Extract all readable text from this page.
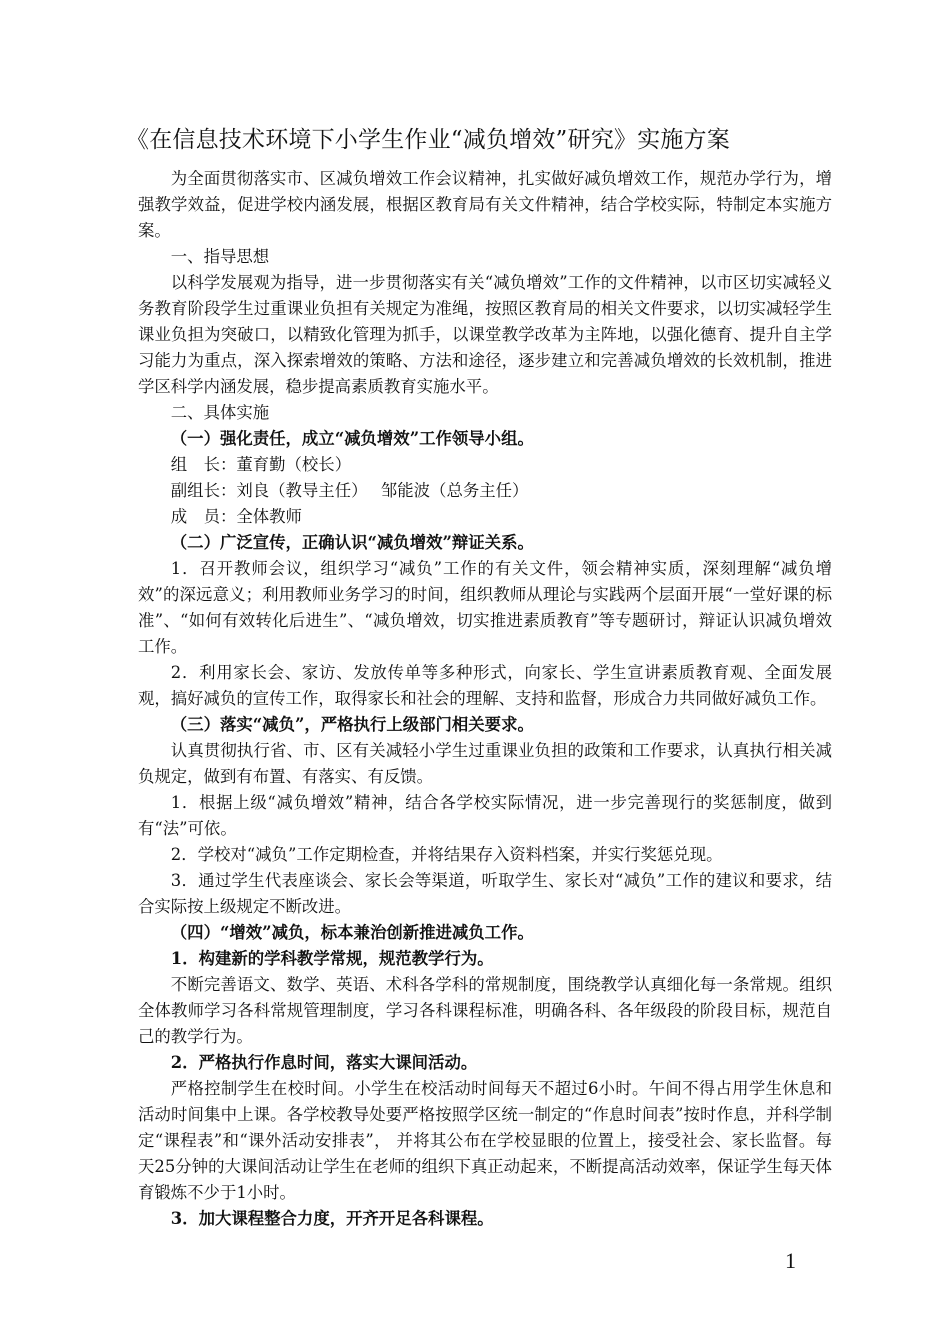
《在信息技术环境下小学生作业“减负增效”研究》实施方案

为全面贯彻落实市、区减负增效工作会议精神，扎实做好减负增效工作，规范办学行为，增强教学效益，促进学校内涵发展，根据区教育局有关文件精神，结合学校实际，特制定本实施方案。

一、指导思想

以科学发展观为指导，进一步贯彻落实有关“减负增效”工作的文件精神，以市区切实减轻义务教育阶段学生过重课业负担有关规定为准绳，按照区教育局的相关文件要求，以切实减轻学生课业负担为突破口，以精致化管理为抓手，以课堂教学改革为主阵地，以强化德育、提升自主学习能力为重点，深入探索增效的策略、方法和途径，逐步建立和完善减负增效的长效机制，推进学区科学内涵发展，稳步提高素质教育实施水平。

二、具体实施

（一）强化责任，成立“减负增效”工作领导小组。

组　长：董育勤（校长）

副组长：刘良（教导主任）　 邹能波（总务主任）

成　员：全体教师

（二）广泛宣传，正确认识“减负增效”辩证关系。

1．召开教师会议，组织学习“减负”工作的有关文件，领会精神实质，深刻理解“减负增效”的深远意义；利用教师业务学习的时间，组织教师从理论与实践两个层面开展“一堂好课的标准”、“如何有效转化后进生”、“减负增效，切实推进素质教育”等专题研讨，辩证认识减负增效工作。

2．利用家长会、家访、发放传单等多种形式，向家长、学生宣讲素质教育观、全面发展观，搞好减负的宣传工作，取得家长和社会的理解、支持和监督，形成合力共同做好减负工作。

（三）落实“减负”，严格执行上级部门相关要求。

认真贯彻执行省、市、区有关减轻小学生过重课业负担的政策和工作要求，认真执行相关减负规定，做到有布置、有落实、有反馈。

1．根据上级“减负增效”精神，结合各学校实际情况，进一步完善现行的奖惩制度，做到有“法”可依。

2．学校对“减负”工作定期检查，并将结果存入资料档案，并实行奖惩兑现。

3．通过学生代表座谈会、家长会等渠道，听取学生、家长对“减负”工作的建议和要求，结合实际按上级规定不断改进。

（四）“增效”减负，标本兼治创新推进减负工作。

1．构建新的学科教学常规，规范教学行为。

不断完善语文、数学、英语、术科各学科的常规制度，围绕教学认真细化每一条常规。组织全体教师学习各科常规管理制度，学习各科课程标准，明确各科、各年级段的阶段目标，规范自己的教学行为。

2．严格执行作息时间，落实大课间活动。

严格控制学生在校时间。小学生在校活动时间每天不超过6小时。午间不得占用学生休息和活动时间集中上课。各学校教导处要严格按照学区统一制定的“作息时间表”按时作息，并科学制定“课程表”和“课外活动安排表”， 并将其公布在学校显眼的位置上，接受社会、家长监督。每天25分钟的大课间活动让学生在老师的组织下真正动起来，不断提高活动效率，保证学生每天体育锻炼不少于1小时。

3．加大课程整合力度，开齐开足各科课程。

1
